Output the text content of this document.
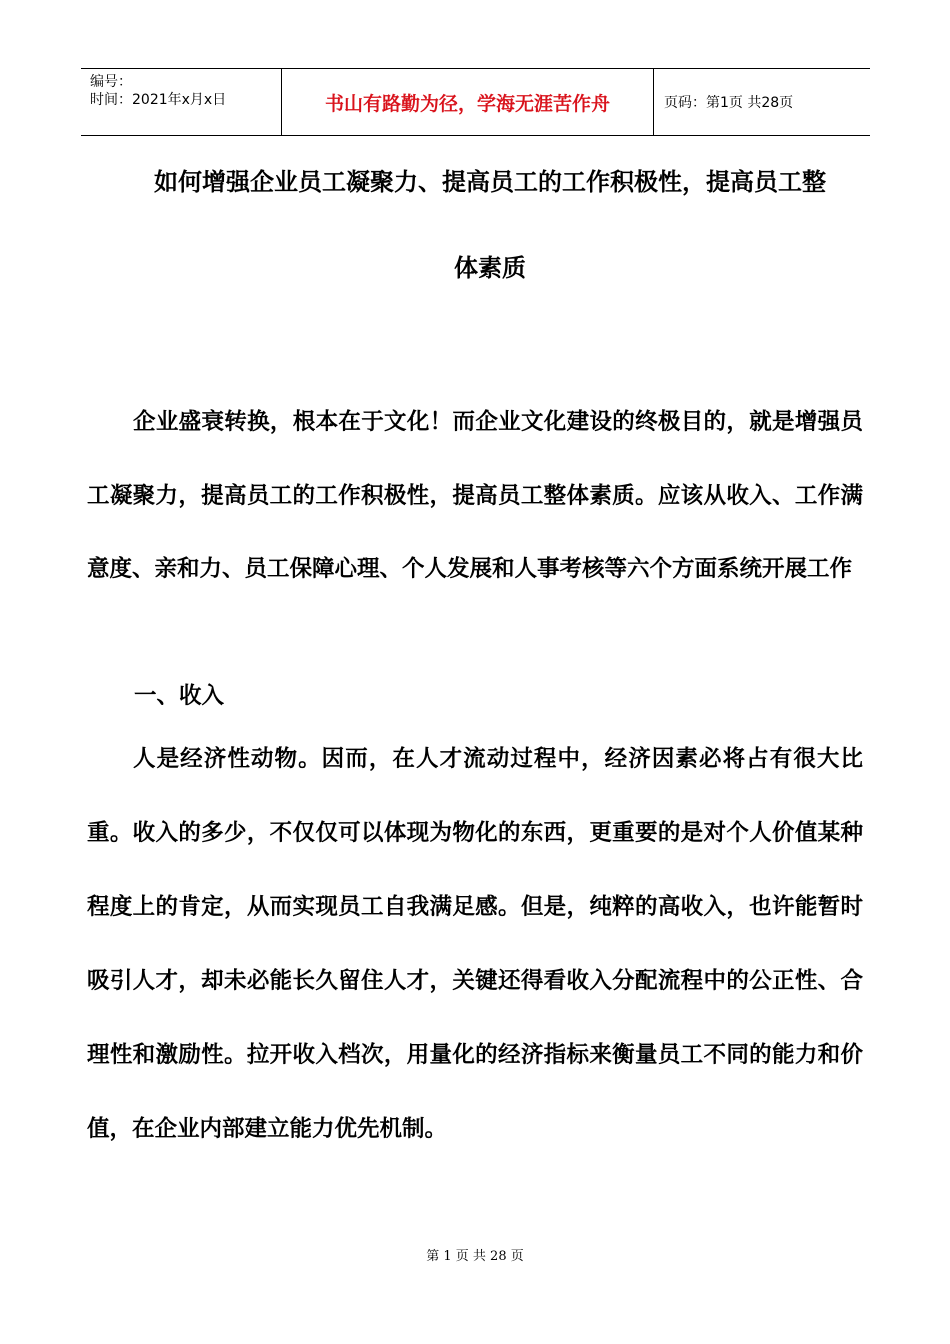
编号：
时间：2021年x月x日	书山有路勤为径，学海无涯苦作舟	页码：第1页 共28页
如何增强企业员工凝聚力、提高员工的工作积极性，提高员工整
体素质
企业盛衰转换，根本在于文化！而企业文化建设的终极目的，就是增强员工凝聚力，提高员工的工作积极性，提高员工整体素质。应该从收入、工作满意度、亲和力、员工保障心理、个人发展和人事考核等六个方面系统开展工作
一、收入
人是经济性动物。因而，在人才流动过程中，经济因素必将占有很大比重。收入的多少，不仅仅可以体现为物化的东西，更重要的是对个人价值某种程度上的肯定，从而实现员工自我满足感。但是，纯粹的高收入，也许能暂时吸引人才，却未必能长久留住人才，关键还得看收入分配流程中的公正性、合理性和激励性。拉开收入档次，用量化的经济指标来衡量员工不同的能力和价值，在企业内部建立能力优先机制。
第 1 页 共 28 页
